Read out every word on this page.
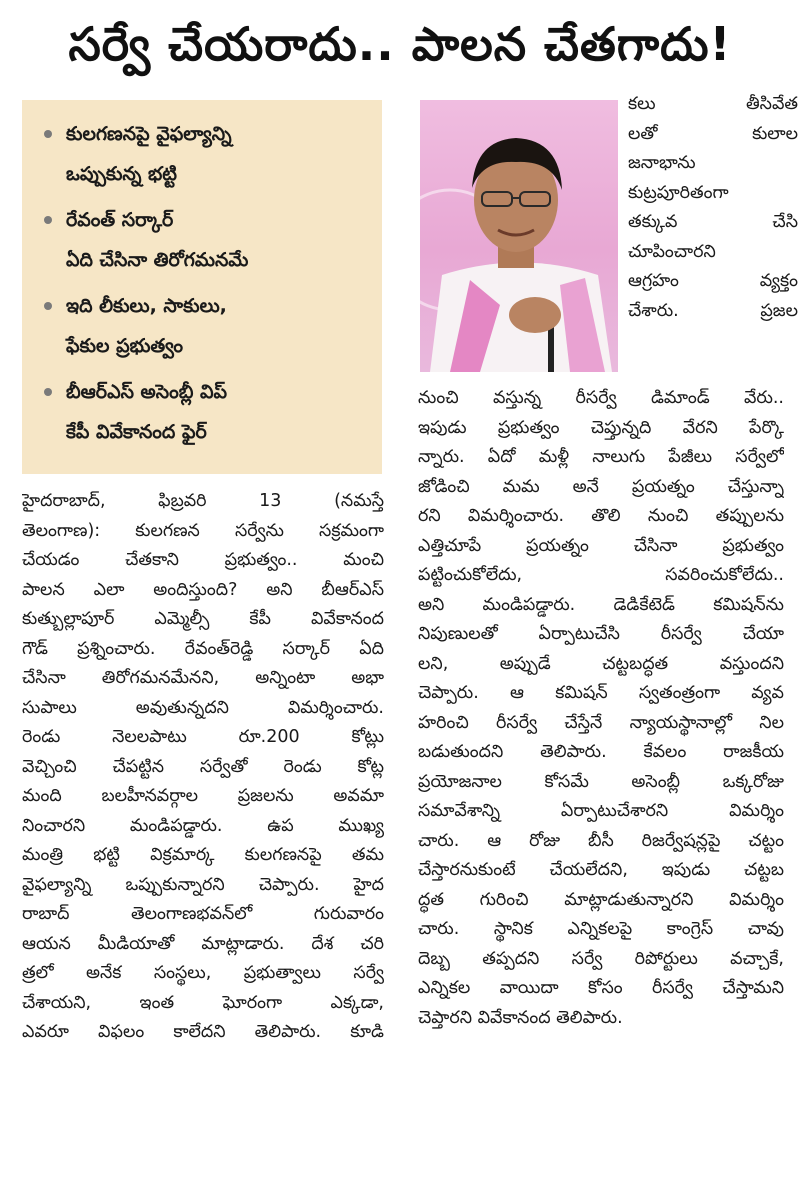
సర్వే చేయరాదు.. పాలన చేతగాదు!
కులగణనపై వైఫల్యాన్ని
ఒప్పుకున్న భట్టి
రేవంత్ సర్కార్
ఏది చేసినా తిరోగమనమే
ఇది లీకులు, సాకులు,
ఫేకుల ప్రభుత్వం
బీఆర్ఎస్ అసెంబ్లీ విప్
కేపీ వివేకానంద ఫైర్
కలు తీసివేత
లతో కులాల
జనాభాను
కుట్రపూరితంగా
తక్కువ చేసి
చూపించారని
ఆగ్రహం వ్యక్తం
చేశారు. ప్రజల
హైదరాబాద్, ఫిబ్రవరి 13 (నమస్తే
తెలంగాణ): కులగణన సర్వేను సక్రమంగా
చేయడం చేతకాని ప్రభుత్వం.. మంచి
పాలన ఎలా అందిస్తుంది? అని బీఆర్ఎస్
కుత్బుల్లాపూర్ ఎమ్మెల్సీ కేపీ వివేకానంద
గౌడ్ ప్రశ్నించారు. రేవంత్‌రెడ్డి సర్కార్ ఏది
చేసినా తిరోగమనమేనని, అన్నింటా అభా
సుపాలు అవుతున్నదని విమర్శించారు.
రెండు నెలలపాటు రూ.200 కోట్లు
వెచ్చించి చేపట్టిన సర్వేతో రెండు కోట్ల
మంది బలహీనవర్గాల ప్రజలను అవమా
నించారని మండిపడ్డారు. ఉప ముఖ్య
మంత్రి భట్టి విక్రమార్క కులగణనపై తమ
వైఫల్యాన్ని ఒప్పుకున్నారని చెప్పారు. హైద
రాబాద్ తెలంగాణభవన్‌లో గురువారం
ఆయన మీడియాతో మాట్లాడారు. దేశ చరి
త్రలో అనేక సంస్థలు, ప్రభుత్వాలు సర్వే
చేశాయని, ఇంత ఘోరంగా ఎక్కడా,
ఎవరూ విఫలం కాలేదని తెలిపారు. కూడి
నుంచి వస్తున్న రీసర్వే డిమాండ్ వేరు..
ఇపుడు ప్రభుత్వం చెప్తున్నది వేరని పేర్కొ
న్నారు. ఏదో మళ్లీ నాలుగు పేజీలు సర్వేలో
జోడించి మమ అనే ప్రయత్నం చేస్తున్నా
రని విమర్శించారు. తొలి నుంచి తప్పులను
ఎత్తిచూపే ప్రయత్నం చేసినా ప్రభుత్వం
పట్టించుకోలేదు, సవరించుకోలేదు..
అని మండిపడ్డారు. డెడికేటెడ్ కమిషన్‌ను
నిపుణులతో ఏర్పాటుచేసి రీసర్వే చేయా
లని, అప్పుడే చట్టబద్ధత వస్తుందని
చెప్పారు. ఆ కమిషన్ స్వతంత్రంగా వ్యవ
హరించి రీసర్వే చేస్తేనే న్యాయస్థానాల్లో నిల
బడుతుందని తెలిపారు. కేవలం రాజకీయ
ప్రయోజనాల కోసమే అసెంబ్లీ ఒక్కరోజు
సమావేశాన్ని ఏర్పాటుచేశారని విమర్శిం
చారు. ఆ రోజు బీసీ రిజర్వేషన్లపై చట్టం
చేస్తారనుకుంటే చేయలేదని, ఇపుడు చట్టబ
ద్ధత గురించి మాట్లాడుతున్నారని విమర్శిం
చారు. స్థానిక ఎన్నికలపై కాంగ్రెస్ చావు
దెబ్బ తప్పదని సర్వే రిపోర్టులు వచ్చాకే,
ఎన్నికల వాయిదా కోసం రీసర్వే చేస్తామని
చెప్తారని వివేకానంద తెలిపారు.
